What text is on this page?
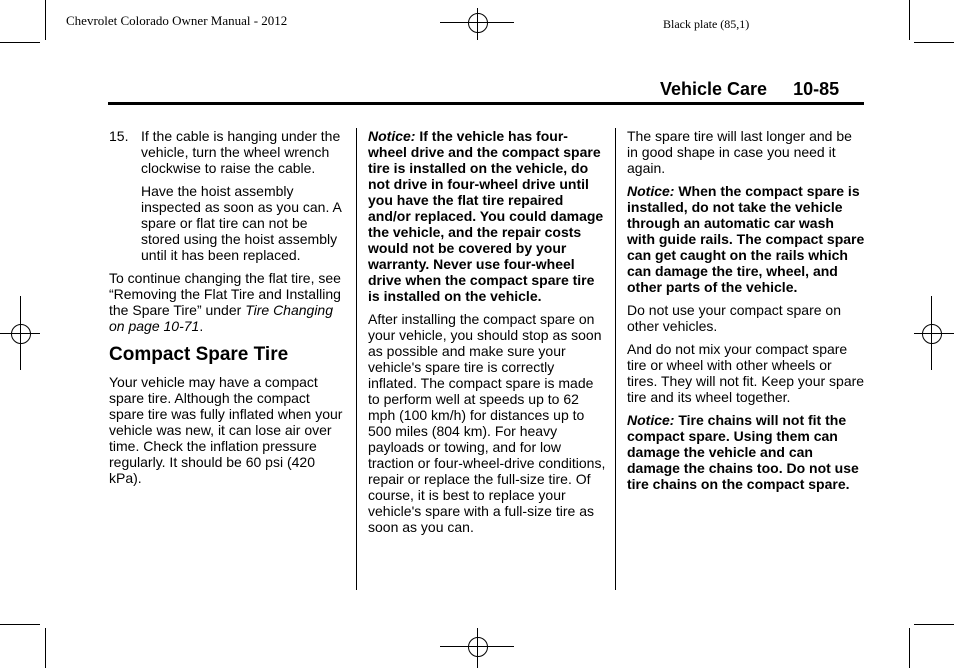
Chevrolet Colorado Owner Manual - 2012	Black plate (85,1)
Vehicle Care 10-85
15. If the cable is hanging under the vehicle, turn the wheel wrench clockwise to raise the cable.

Have the hoist assembly inspected as soon as you can. A spare or flat tire can not be stored using the hoist assembly until it has been replaced.

To continue changing the flat tire, see “Removing the Flat Tire and Installing the Spare Tire” under Tire Changing on page 10-71.

Compact Spare Tire

Your vehicle may have a compact spare tire. Although the compact spare tire was fully inflated when your vehicle was new, it can lose air over time. Check the inflation pressure regularly. It should be 60 psi (420 kPa).

Notice: If the vehicle has four-wheel drive and the compact spare tire is installed on the vehicle, do not drive in four-wheel drive until you have the flat tire repaired and/or replaced. You could damage the vehicle, and the repair costs would not be covered by your warranty. Never use four-wheel drive when the compact spare tire is installed on the vehicle.

After installing the compact spare on your vehicle, you should stop as soon as possible and make sure your vehicle's spare tire is correctly inflated. The compact spare is made to perform well at speeds up to 62 mph (100 km/h) for distances up to 500 miles (804 km). For heavy payloads or towing, and for low traction or four-wheel-drive conditions, repair or replace the full-size tire. Of course, it is best to replace your vehicle's spare with a full-size tire as soon as you can.

The spare tire will last longer and be in good shape in case you need it again.

Notice: When the compact spare is installed, do not take the vehicle through an automatic car wash with guide rails. The compact spare can get caught on the rails which can damage the tire, wheel, and other parts of the vehicle.

Do not use your compact spare on other vehicles.

And do not mix your compact spare tire or wheel with other wheels or tires. They will not fit. Keep your spare tire and its wheel together.

Notice: Tire chains will not fit the compact spare. Using them can damage the vehicle and can damage the chains too. Do not use tire chains on the compact spare.
